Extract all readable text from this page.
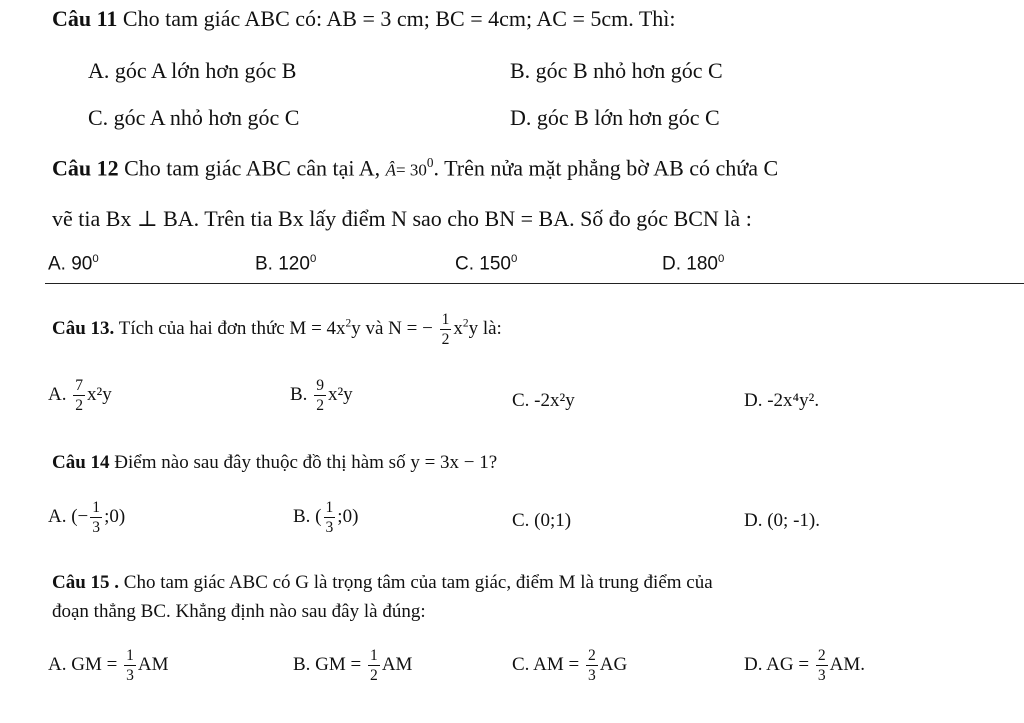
Câu 11 Cho tam giác ABC có: AB = 3 cm; BC = 4cm; AC = 5cm. Thì:
A. góc A lớn hơn góc B	B. góc B nhỏ hơn góc C
C. góc A nhỏ hơn góc C	D. góc B lớn hơn góc C
Câu 12 Cho tam giác ABC cân tại A, Â= $30^0$. Trên nửa mặt phẳng bờ AB có chứa C
vẽ tia Bx ⊥ BA. Trên tia Bx lấy điểm N sao cho BN = BA. Số đo góc BCN là :
A. $90^0$	B. $120^0$	C. $150^0$	D. $180^0$
Câu 13. Tích của hai đơn thức $M = 4x^2y$ và N = − $\frac{1}{2} x^2y$ là:
A. $\frac{7}{2} x^2y$	B. $\frac{9}{2} x^2y$	C. -2x²y	D. -2x⁴y².
Câu 14 Điểm nào sau đây thuộc đồ thị hàm số y = 3x − 1?
A. (− $\frac{1}{3}$ ;0)	B. ( $\frac{1}{3}$ ;0)	C. (0;1)	D. (0; -1).
Câu 15 . Cho tam giác ABC có G là trọng tâm của tam giác, điểm M là trung điểm của
đoạn thẳng BC. Khẳng định nào sau đây là đúng:
A. GM = $\frac{1}{3}$ AM	B. GM = $\frac{1}{2}$ AM	C. AM = $\frac{2}{3}$ AG	D. AG = $\frac{2}{3}$ AM.
